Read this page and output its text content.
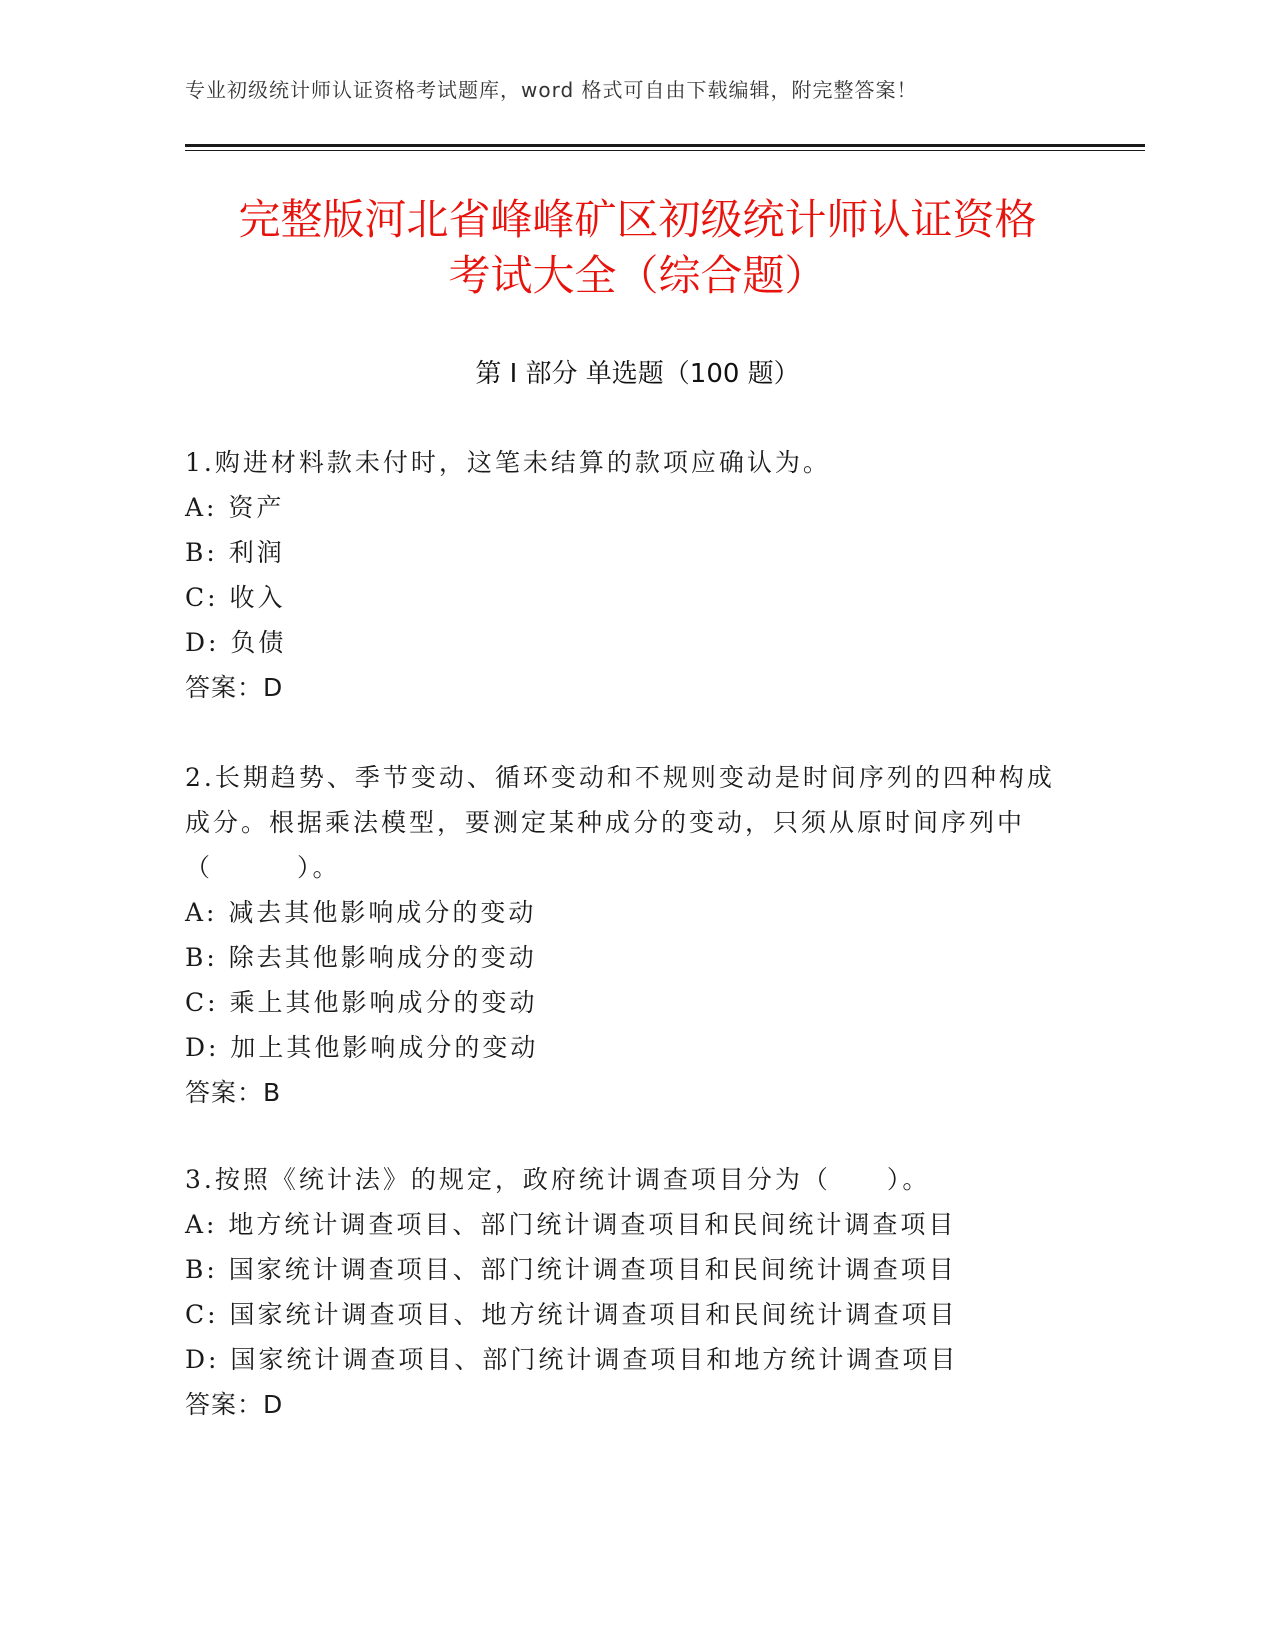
专业初级统计师认证资格考试题库，word 格式可自由下载编辑，附完整答案！
完整版河北省峰峰矿区初级统计师认证资格
考试大全（综合题）
第 I 部分 单选题（100 题）

1.购进材料款未付时，这笔未结算的款项应确认为。

A: 资产

B: 利润

C: 收入

D: 负债

答案：D

2.长期趋势、季节变动、循环变动和不规则变动是时间序列的四种构成成分。根据乘法模型，要测定某种成分的变动，只须从原时间序列中（　　　）。

A: 减去其他影响成分的变动

B: 除去其他影响成分的变动

C: 乘上其他影响成分的变动

D: 加上其他影响成分的变动

答案：B

3.按照《统计法》的规定，政府统计调查项目分为（　　）。

A: 地方统计调查项目、部门统计调查项目和民间统计调查项目

B: 国家统计调查项目、部门统计调查项目和民间统计调查项目

C: 国家统计调查项目、地方统计调查项目和民间统计调查项目

D: 国家统计调查项目、部门统计调查项目和地方统计调查项目

答案：D
